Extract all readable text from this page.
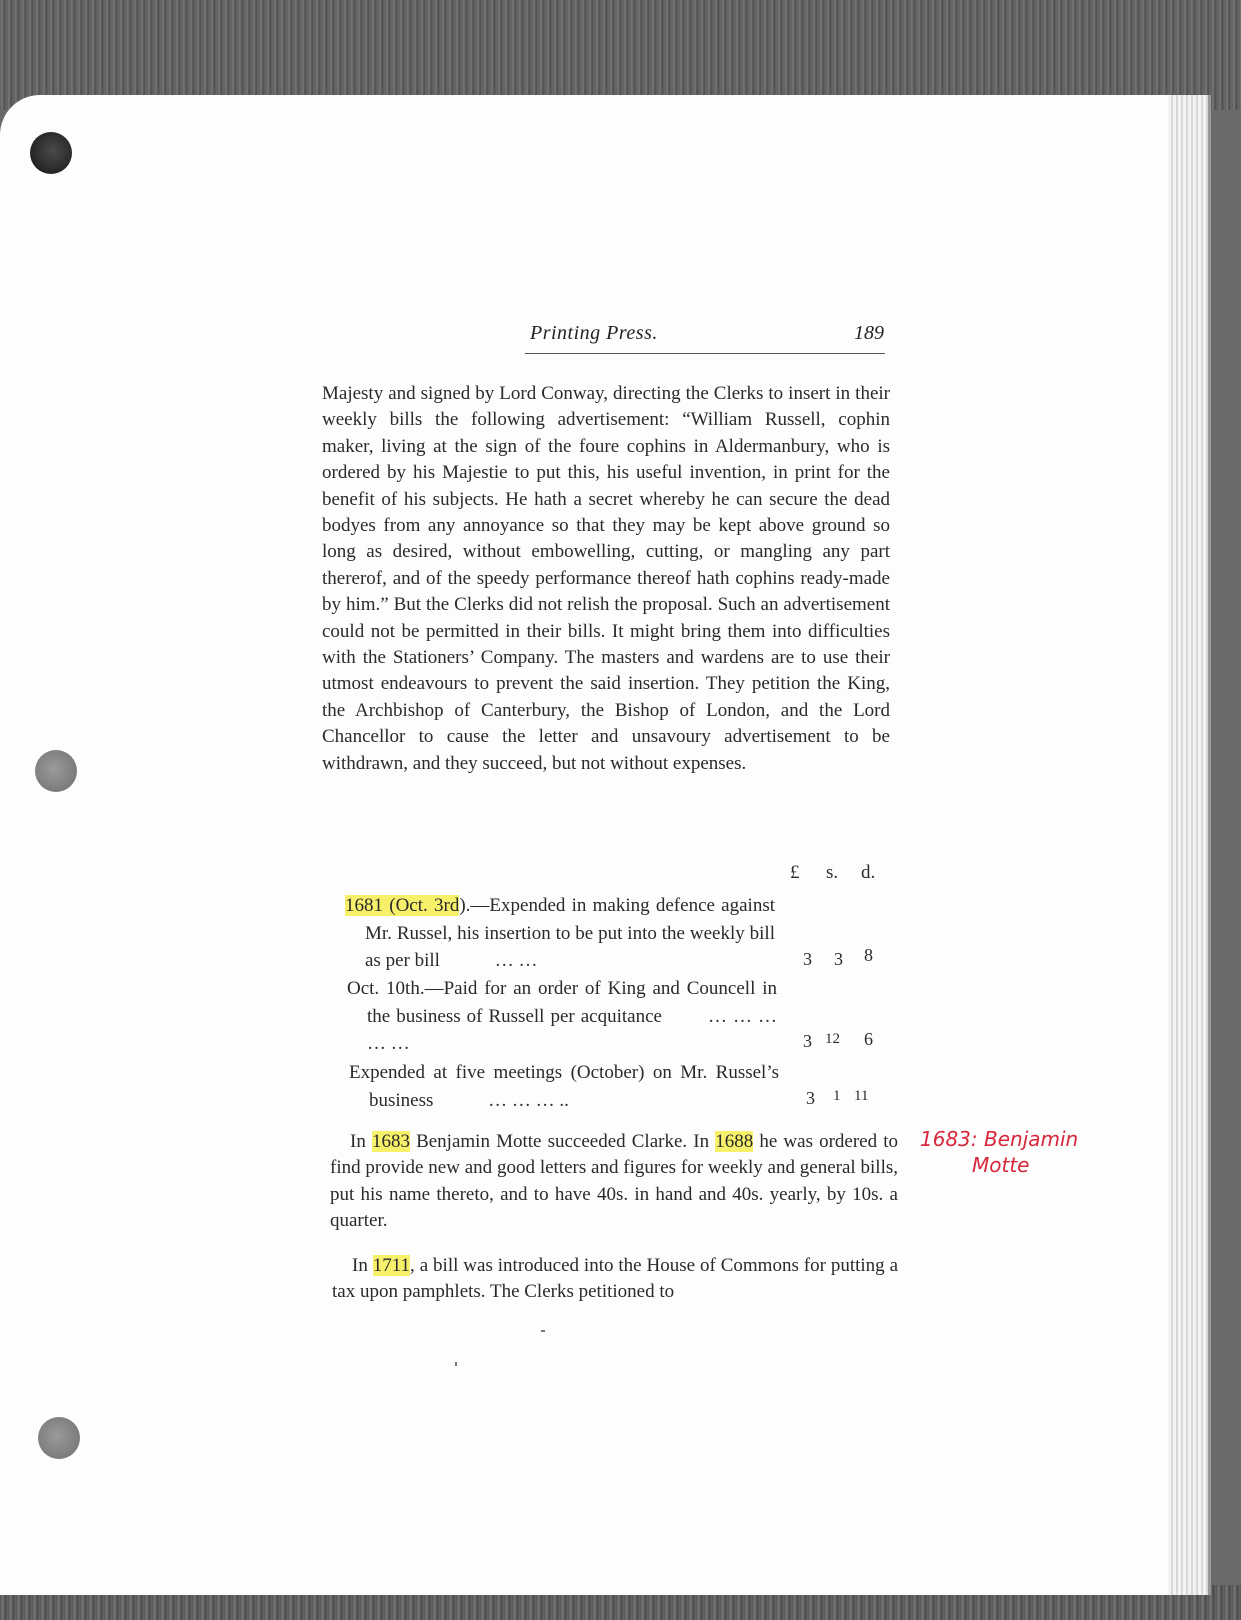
Printing Press.	189

Majesty and signed by Lord Conway, directing the Clerks to insert in their weekly bills the following advertisement: “William Russell, cophin maker, living at the sign of the foure cophins in Aldermanbury, who is ordered by his Majestie to put this, his useful invention, in print for the benefit of his subjects. He hath a secret whereby he can secure the dead bodyes from any annoyance so that they may be kept above ground so long as desired, without embowelling, cutting, or mangling any part thererof, and of the speedy performance thereof hath cophins ready-made by him.” But the Clerks did not relish the proposal. Such an advertisement could not be permitted in their bills. It might bring them into difficulties with the Stationers’ Company. The masters and wardens are to use their utmost endeavours to prevent the said insertion. They petition the King, the Archbishop of Canterbury, the Bishop of London, and the Lord Chancellor to cause the letter and unsavoury advertisement to be withdrawn, and they succeed, but not without expenses.

£ s. d.

1681 (Oct. 3rd).—Expended in making defence against Mr. Russel, his insertion to be put into the weekly bill as per bill	… …	3 3 8

Oct. 10th.—Paid for an order of King and Councell in the business of Russell per acquitance … … … … …	3 12 6

Expended at five meetings (October) on Mr. Russel’s business	… … … ..	3 1 11

In 1683 Benjamin Motte succeeded Clarke. In 1688 he was ordered to find provide new and good letters and figures for weekly and general bills, put his name thereto, and to have 40s. in hand and 40s. yearly, by 10s. a quarter.

In 1711, a bill was introduced into the House of Commons for putting a tax upon pamphlets. The Clerks petitioned to

1683: Benjamin
Motte
